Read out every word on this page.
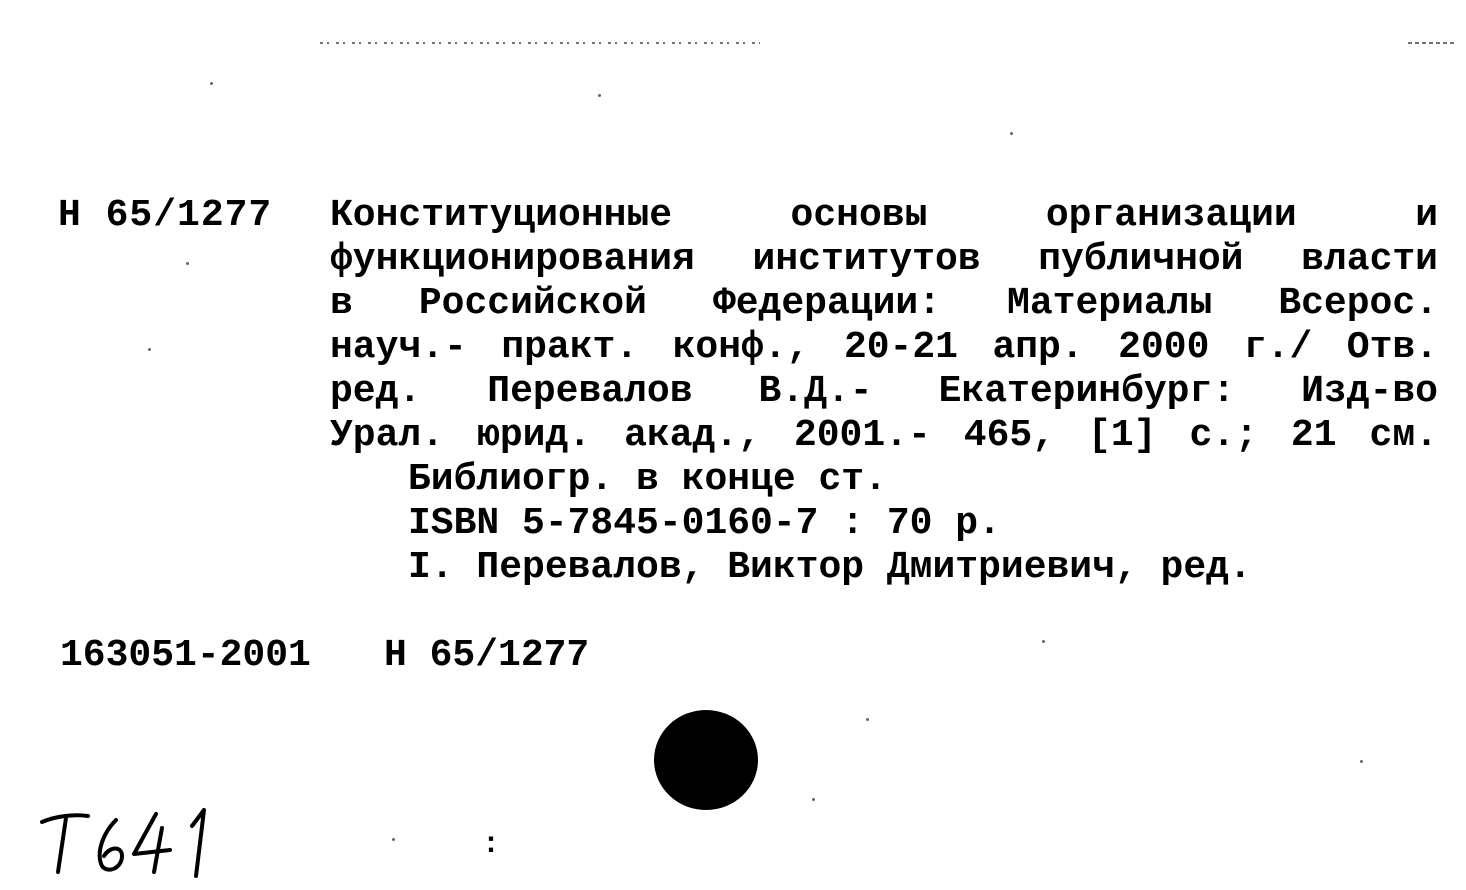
Н 65/1277 Конституционные	основы	организации	и
функционирования институтов публичной власти
в Российской Федерации: Материалы Всерос.
науч.- практ. конф., 20-21 апр. 2000 г./ Отв.
ред. Перевалов В.Д.- Екатеринбург: Изд-во
Урал. юрид. акад., 2001.- 465, [1] с.; 21 см.
Библиогр. в конце ст.
ISBN 5-7845-0160-7 : 70 р.
I. Перевалов, Виктор Дмитриевич, ред.
163051-2001 Н 65/1277
:
